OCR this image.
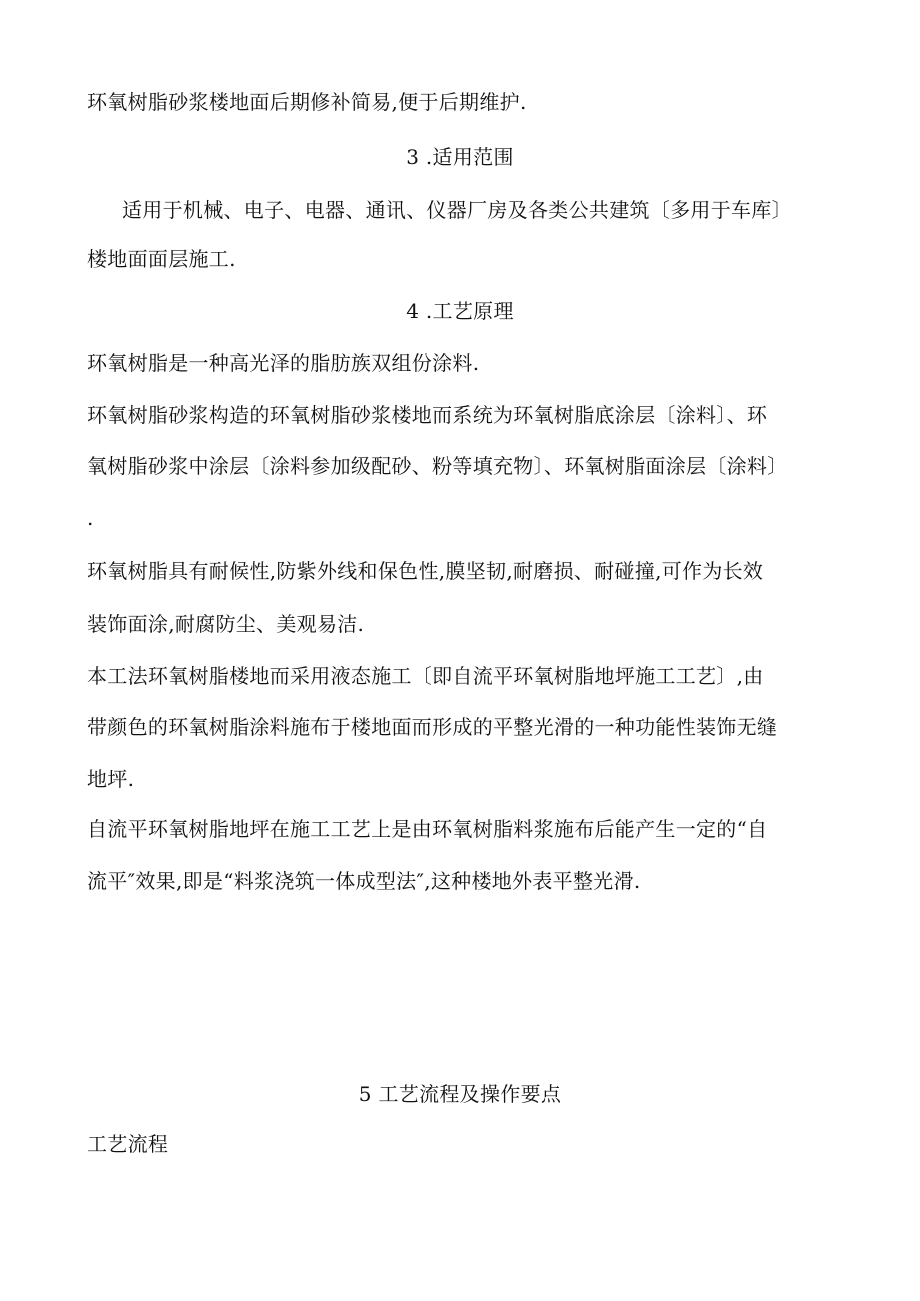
环氧树脂砂浆楼地面后期修补简易,便于后期维护.
3 .适用范围
适用于机械、电子、电器、通讯、仪器厂房及各类公共建筑〔多用于车库〕
楼地面面层施工.
4 .工艺原理
环氧树脂是一种高光泽的脂肪族双组份涂料.
环氧树脂砂浆构造的环氧树脂砂浆楼地而系统为环氧树脂底涂层〔涂料〕、环
氧树脂砂浆中涂层〔涂料参加级配砂、粉等填充物〕、环氧树脂面涂层〔涂料〕
.
环氧树脂具有耐候性,防紫外线和保色性,膜坚韧,耐磨损、耐碰撞,可作为长效
装饰面涂,耐腐防尘、美观易洁.
本工法环氧树脂楼地而采用液态施工〔即自流平环氧树脂地坪施工工艺〕,由
带颜色的环氧树脂涂料施布于楼地面而形成的平整光滑的一种功能性装饰无缝
地坪.
自流平环氧树脂地坪在施工工艺上是由环氧树脂料浆施布后能产生一定的“自
流平″效果,即是“料浆浇筑一体成型法″,这种楼地外表平整光滑.
5 工艺流程及操作要点
工艺流程
